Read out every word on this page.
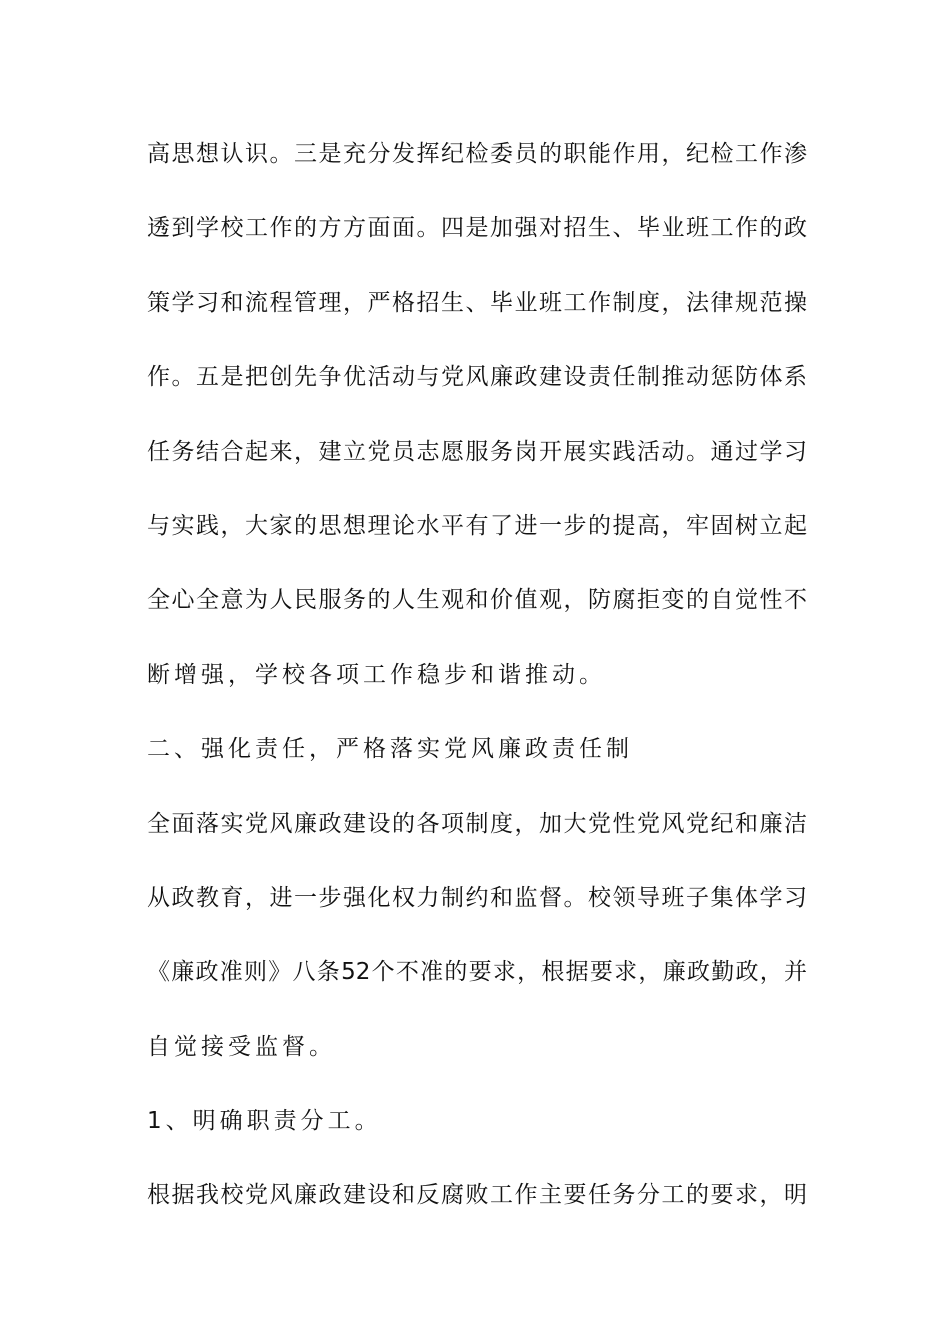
高思想认识。三是充分发挥纪检委员的职能作用，纪检工作渗
透到学校工作的方方面面。四是加强对招生、毕业班工作的政
策学习和流程管理，严格招生、毕业班工作制度，法律规范操
作。五是把创先争优活动与党风廉政建设责任制推动惩防体系
任务结合起来，建立党员志愿服务岗开展实践活动。通过学习
与实践，大家的思想理论水平有了进一步的提高，牢固树立起
全心全意为人民服务的人生观和价值观，防腐拒变的自觉性不
断增强，学校各项工作稳步和谐推动。
二、强化责任，严格落实党风廉政责任制
全面落实党风廉政建设的各项制度，加大党性党风党纪和廉洁
从政教育，进一步强化权力制约和监督。校领导班子集体学习
《廉政准则》八条52个不准的要求，根据要求，廉政勤政，并
自觉接受监督。
1、明确职责分工。
根据我校党风廉政建设和反腐败工作主要任务分工的要求，明
